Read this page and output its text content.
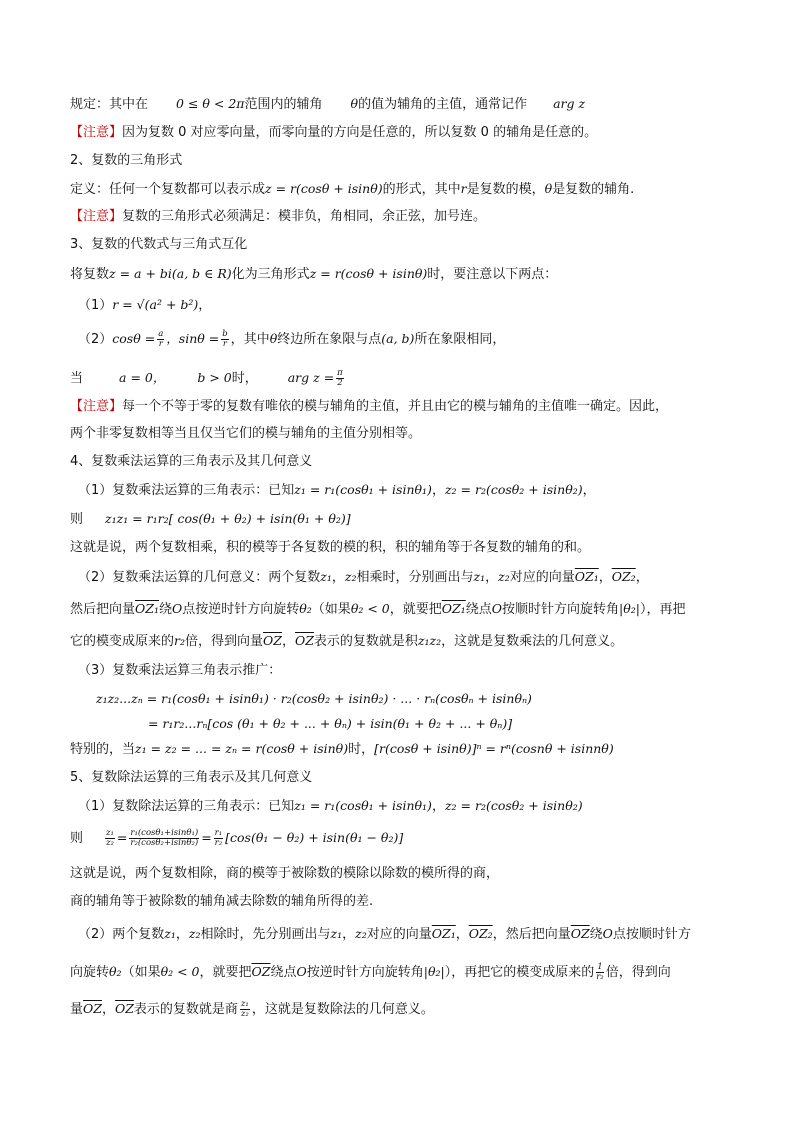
规定：其中在 0 ≤ θ < 2π范围内的辅角 θ的值为辅角的主值，通常记作 arg z
【注意】因为复数 0 对应零向量，而零向量的方向是任意的，所以复数 0 的辅角是任意的。
2、复数的三角形式
定义：任何一个复数都可以表示成z = r(cosθ + isinθ)的形式，其中r是复数的模，θ是复数的辅角.
【注意】复数的三角形式必须满足：模非负，角相同，余正弦，加号连。
3、复数的代数式与三角式互化
将复数z = a + bi(a, b ∈ R)化为三角形式z = r(cosθ + isinθ)时，要注意以下两点：
（1）r = √(a² + b²)，
$(2)\cos\theta = \frac{a}{r}$ ，$\sin\theta = \frac{b}{r}$ ，其中θ终边所在象限与点(a, b)所在象限相同，
当	a = 0，	b > 0时， arg $z = \frac{\pi}{2}$
【注意】每一个不等于零的复数有唯依的模与辅角的主值，并且由它的模与辅角的主值唯一确定。因此，
两个非零复数相等当且仅当它们的模与辅角的主值分别相等。
4、复数乘法运算的三角表示及其几何意义
（1）复数乘法运算的三角表示：已知z₁ = r₁(cosθ₁ + isinθ₁)，z₂ = r₂(cosθ₂ + isinθ₂)，
则 z₁z₁ = r₁r₂[ cos(θ₁ + θ₂) + isin(θ₁ + θ₂)]
这就是说，两个复数相乘，积的模等于各复数的模的积，积的辅角等于各复数的辅角的和。
（2）复数乘法运算的几何意义：两个复数z₁，z₂相乘时，分别画出与z₁，z₂对应的向量OZ₁，OZ₂，
然后把向量OZ₁绕O点按逆时针方向旋转θ₂（如果θ₂ < 0，就要把OZ₁绕点O按顺时针方向旋转角|θ₂|），再把
它的模变成原来的r₂倍，得到向量$\overline{OZ}$，$\overline{OZ}$表示的复数就是积z₁z₂，这就是复数乘法的几何意义。
（3）复数乘法运算三角表示推广：
z₁z₂...zₙ = r₁(cosθ₁ + isinθ₁) · r₂(cosθ₂ + isinθ₂) · ... · rₙ(cosθₙ + isinθₙ)
= r₁r₂...rₙ[cos (θ₁ + θ₂ + ... + θₙ) + isin(θ₁ + θ₂ + ... + θₙ)]
特别的，当z₁ = z₂ = ... = zₙ = r(cosθ + isinθ)时，[r(cosθ + isinθ)]ⁿ = rⁿ(cosnθ + isinnθ)
5、复数除法运算的三角表示及其几何意义
（1）复数除法运算的三角表示：已知z₁ = r₁(cosθ₁ + isinθ₁)，z₂ = r₂(cosθ₂ + isinθ₂)
则	$\frac{\text{z₁}}{\text{z₂}} = \frac{\text{r₁(cosθ₁+isinθ₁)}}{\text{r₂(cosθ₂+isinθ₂)}} = \frac{\text{r₁}}{\text{r₂}} [\cos(\theta_1 - \theta_2) + isin(\theta_1 - \theta_2)]$
这就是说，两个复数相除，商的模等于被除数的模除以除数的模所得的商，
商的辅角等于被除数的辅角减去除数的辅角所得的差.
（2）两个复数z₁，z₂相除时，先分别画出与z₁，z₂对应的向量OZ₁，OZ₂，然后把向量$\overline{OZ}$绕O点按顺时针方
向旋转θ₂（如果θ₂ < 0，就要把$\overline{OZ}$绕点O按逆时针方向旋转角|θ₂|），再把它的模变成原来的 $\frac{1}{\text{r₂}}$ 倍，得到向
量$\overline{OZ}$，$\overline{OZ}$表示的复数就是商 $\frac{\text{z₁}}{\text{z₂}}$ ，这就是复数除法的几何意义。
